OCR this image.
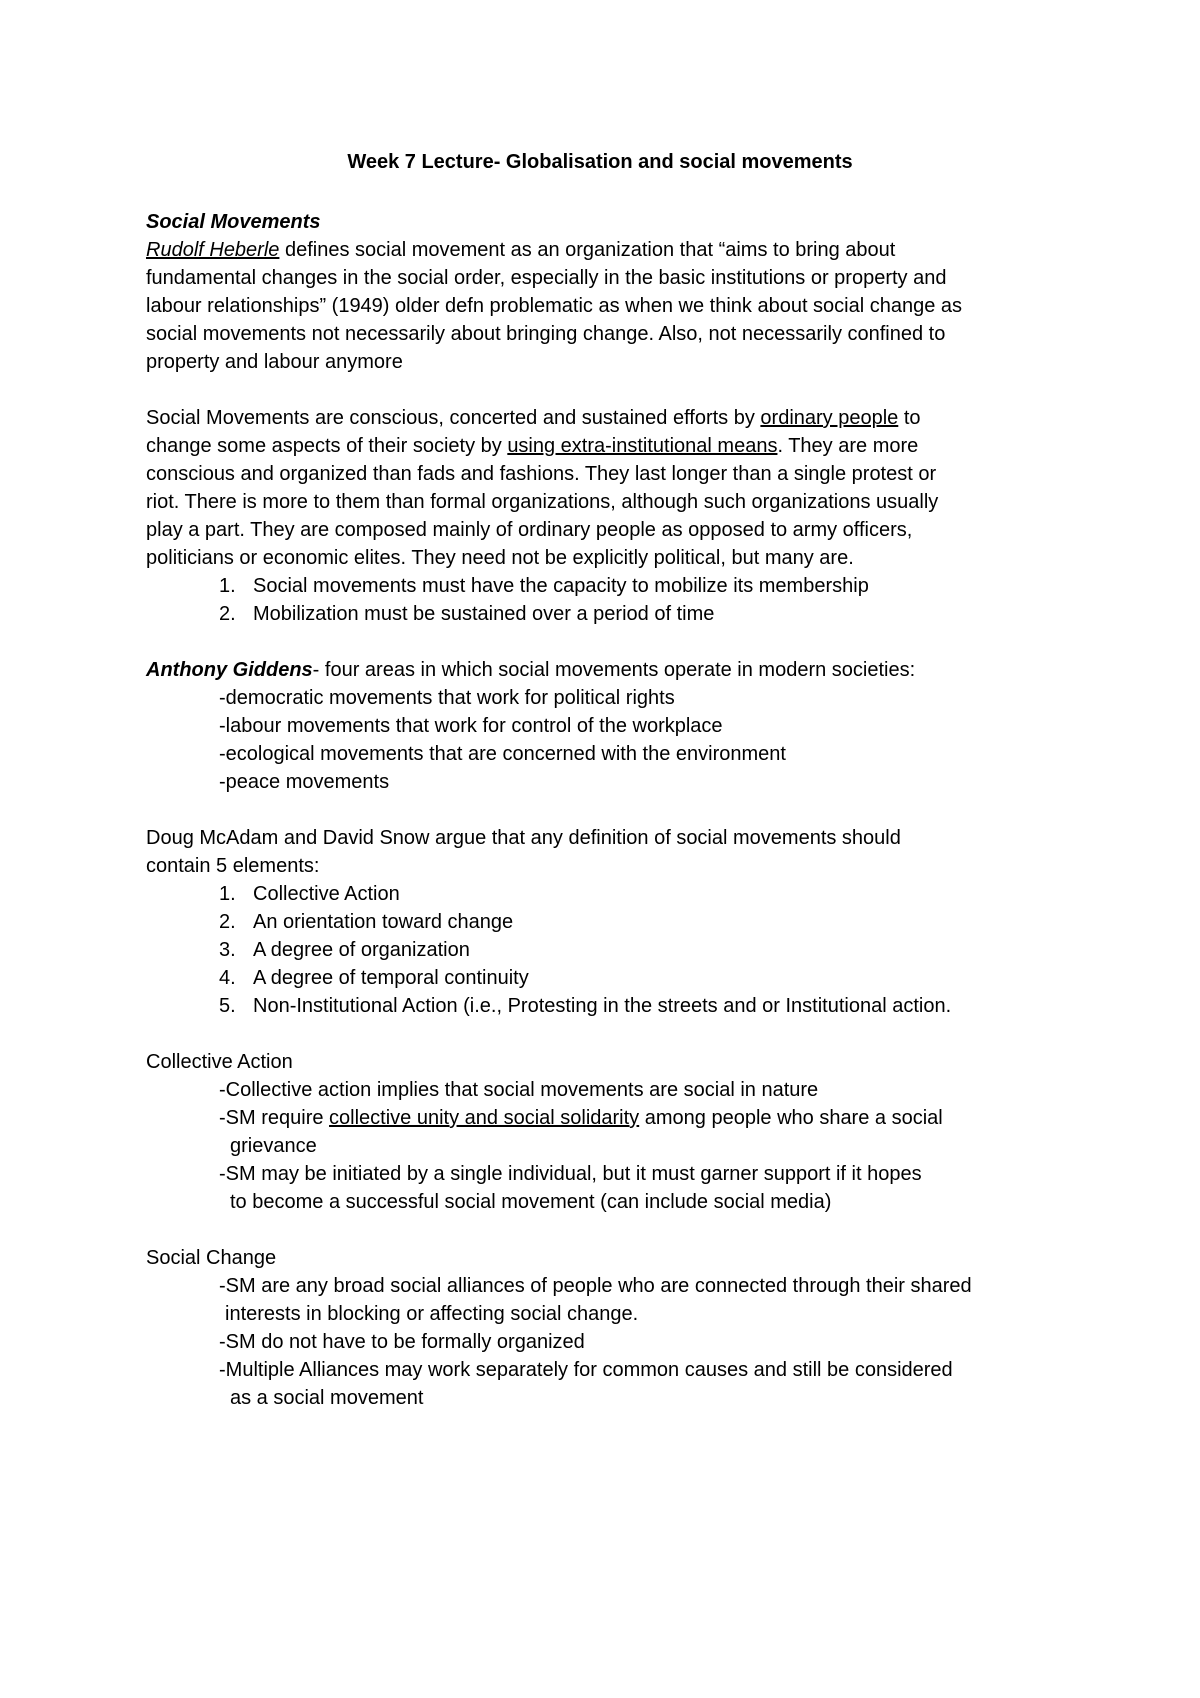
Week 7 Lecture- Globalisation and social movements
Social Movements
Rudolf Heberle defines social movement as an organization that “aims to bring about
fundamental changes in the social order, especially in the basic institutions or property and
labour relationships” (1949) older defn problematic as when we think about social change as
social movements not necessarily about bringing change. Also, not necessarily confined to
property and labour anymore
Social Movements are conscious, concerted and sustained efforts by ordinary people to
change some aspects of their society by using extra-institutional means. They are more
conscious and organized than fads and fashions. They last longer than a single protest or
riot. There is more to them than formal organizations, although such organizations usually
play a part. They are composed mainly of ordinary people as opposed to army officers,
politicians or economic elites. They need not be explicitly political, but many are.
1. Social movements must have the capacity to mobilize its membership
2. Mobilization must be sustained over a period of time
Anthony Giddens- four areas in which social movements operate in modern societies:
-democratic movements that work for political rights
-labour movements that work for control of the workplace
-ecological movements that are concerned with the environment
-peace movements
Doug McAdam and David Snow argue that any definition of social movements should
contain 5 elements:
1. Collective Action
2. An orientation toward change
3. A degree of organization
4. A degree of temporal continuity
5. Non-Institutional Action (i.e., Protesting in the streets and or Institutional action.
Collective Action
-Collective action implies that social movements are social in nature
-SM require collective unity and social solidarity among people who share a social
grievance
-SM may be initiated by a single individual, but it must garner support if it hopes
to become a successful social movement (can include social media)
Social Change
-SM are any broad social alliances of people who are connected through their shared
interests in blocking or affecting social change.
-SM do not have to be formally organized
-Multiple Alliances may work separately for common causes and still be considered
as a social movement
